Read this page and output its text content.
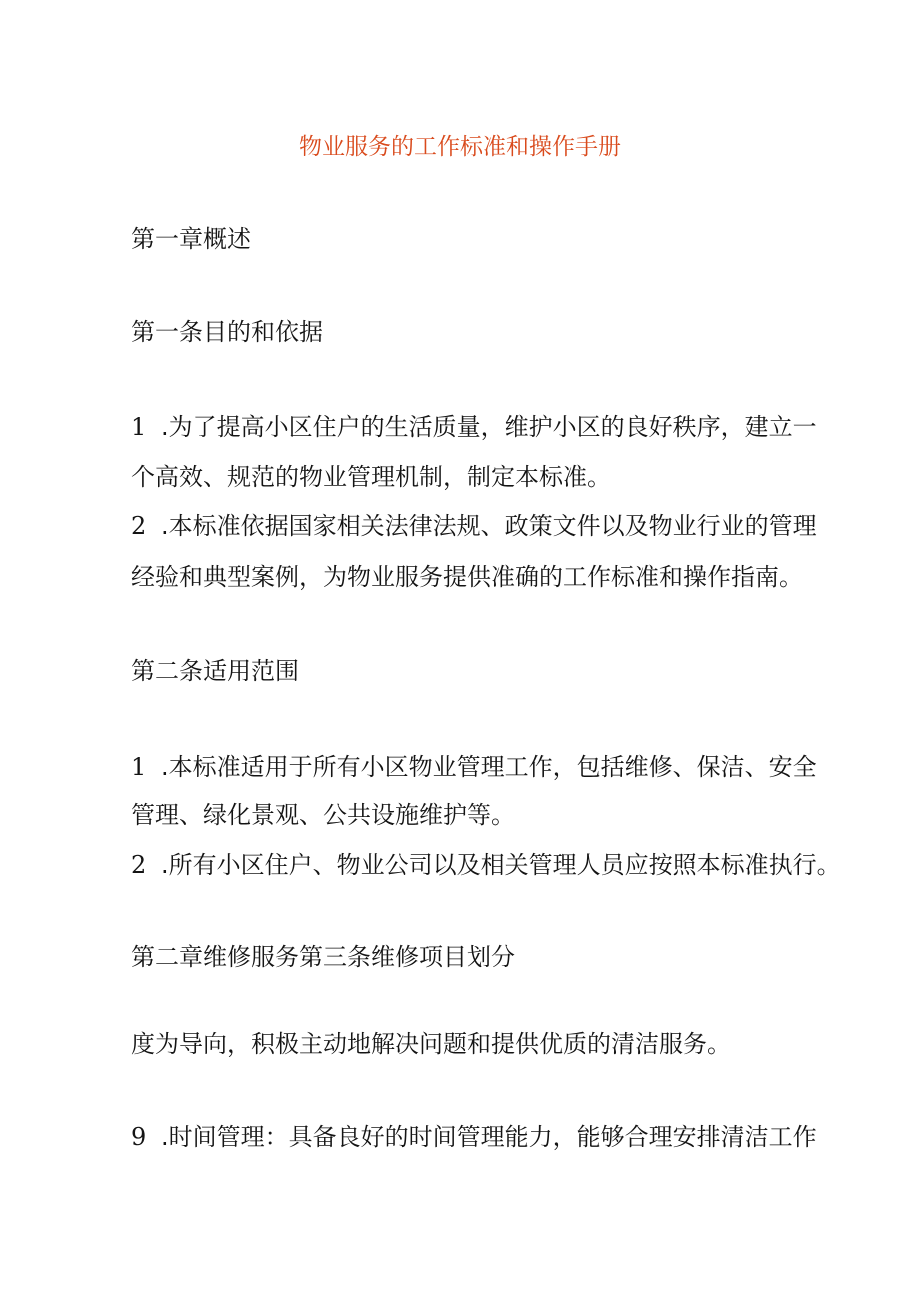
物业服务的工作标准和操作手册
第一章概述
第一条目的和依据
1 .为了提高小区住户的生活质量，维护小区的良好秩序，建立一
个高效、规范的物业管理机制，制定本标准。
2 .本标准依据国家相关法律法规、政策文件以及物业行业的管理
经验和典型案例，为物业服务提供准确的工作标准和操作指南。
第二条适用范围
1 .本标准适用于所有小区物业管理工作，包括维修、保洁、安全
管理、绿化景观、公共设施维护等。
2 .所有小区住户、物业公司以及相关管理人员应按照本标准执行。
第二章维修服务第三条维修项目划分
度为导向，积极主动地解决问题和提供优质的清洁服务。
9 .时间管理：具备良好的时间管理能力，能够合理安排清洁工作
